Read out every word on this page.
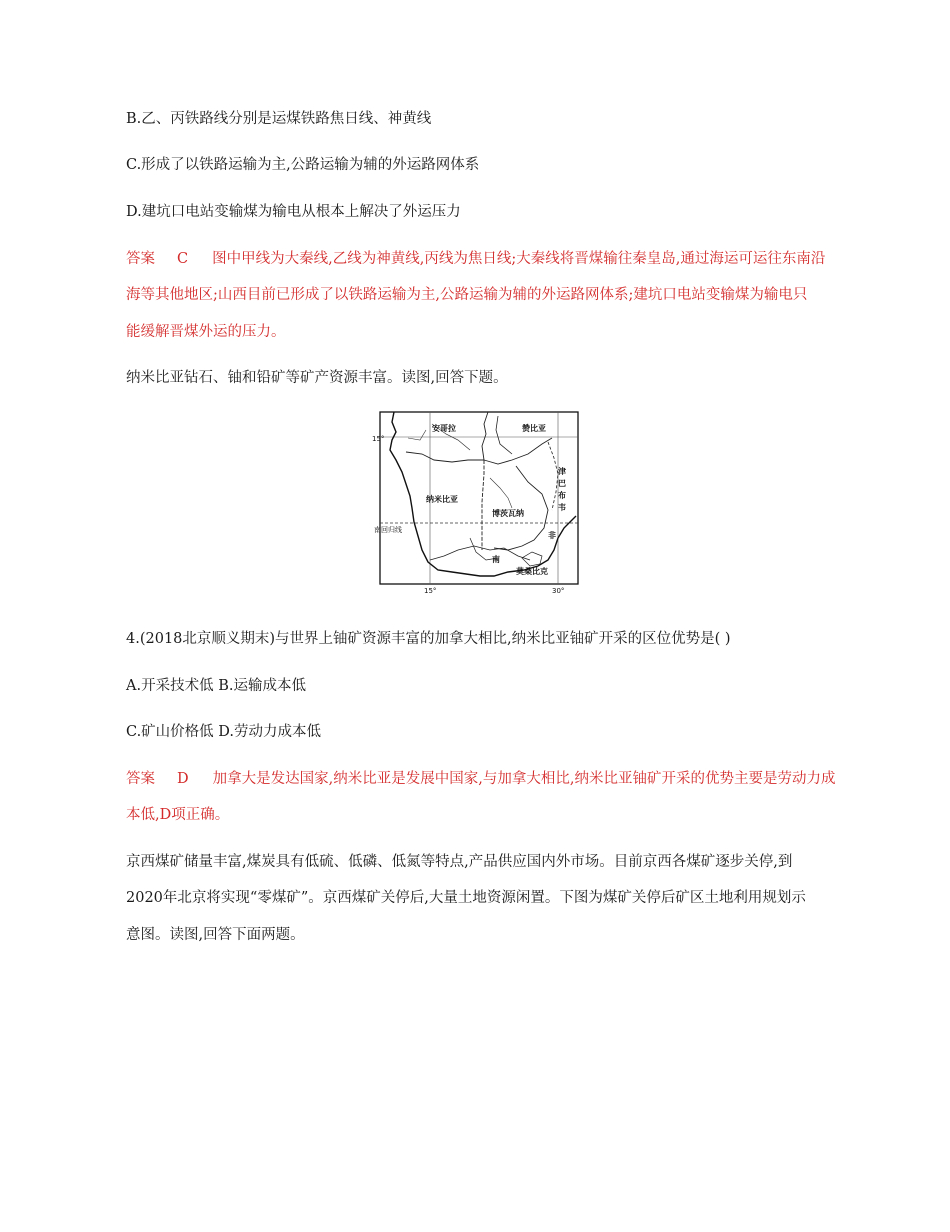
B.乙、丙铁路线分别是运煤铁路焦日线、神黄线
C.形成了以铁路运输为主,公路运输为辅的外运路网体系
D.建坑口电站变输煤为输电从根本上解决了外运压力
答案 C 图中甲线为大秦线,乙线为神黄线,丙线为焦日线;大秦线将晋煤输往秦皇岛,通过海运可运往东南沿
海等其他地区;山西目前已形成了以铁路运输为主,公路运输为辅的外运路网体系;建坑口电站变输煤为输电只
能缓解晋煤外运的压力。
纳米比亚钻石、铀和铅矿等矿产资源丰富。读图,回答下题。
安哥拉	赞比亚
纳米比亚
博茨瓦纳
莫桑比克
南回归线
津
巴
布
韦
南
非
15°
15°	30°
4.(2018北京顺义期末)与世界上铀矿资源丰富的加拿大相比,纳米比亚铀矿开采的区位优势是( )
A.开采技术低 B.运输成本低
C.矿山价格低 D.劳动力成本低
答案 D 加拿大是发达国家,纳米比亚是发展中国家,与加拿大相比,纳米比亚铀矿开采的优势主要是劳动力成
本低,D项正确。
京西煤矿储量丰富,煤炭具有低硫、低磷、低氮等特点,产品供应国内外市场。目前京西各煤矿逐步关停,到
2020年北京将实现“零煤矿”。京西煤矿关停后,大量土地资源闲置。下图为煤矿关停后矿区土地利用规划示
意图。读图,回答下面两题。
